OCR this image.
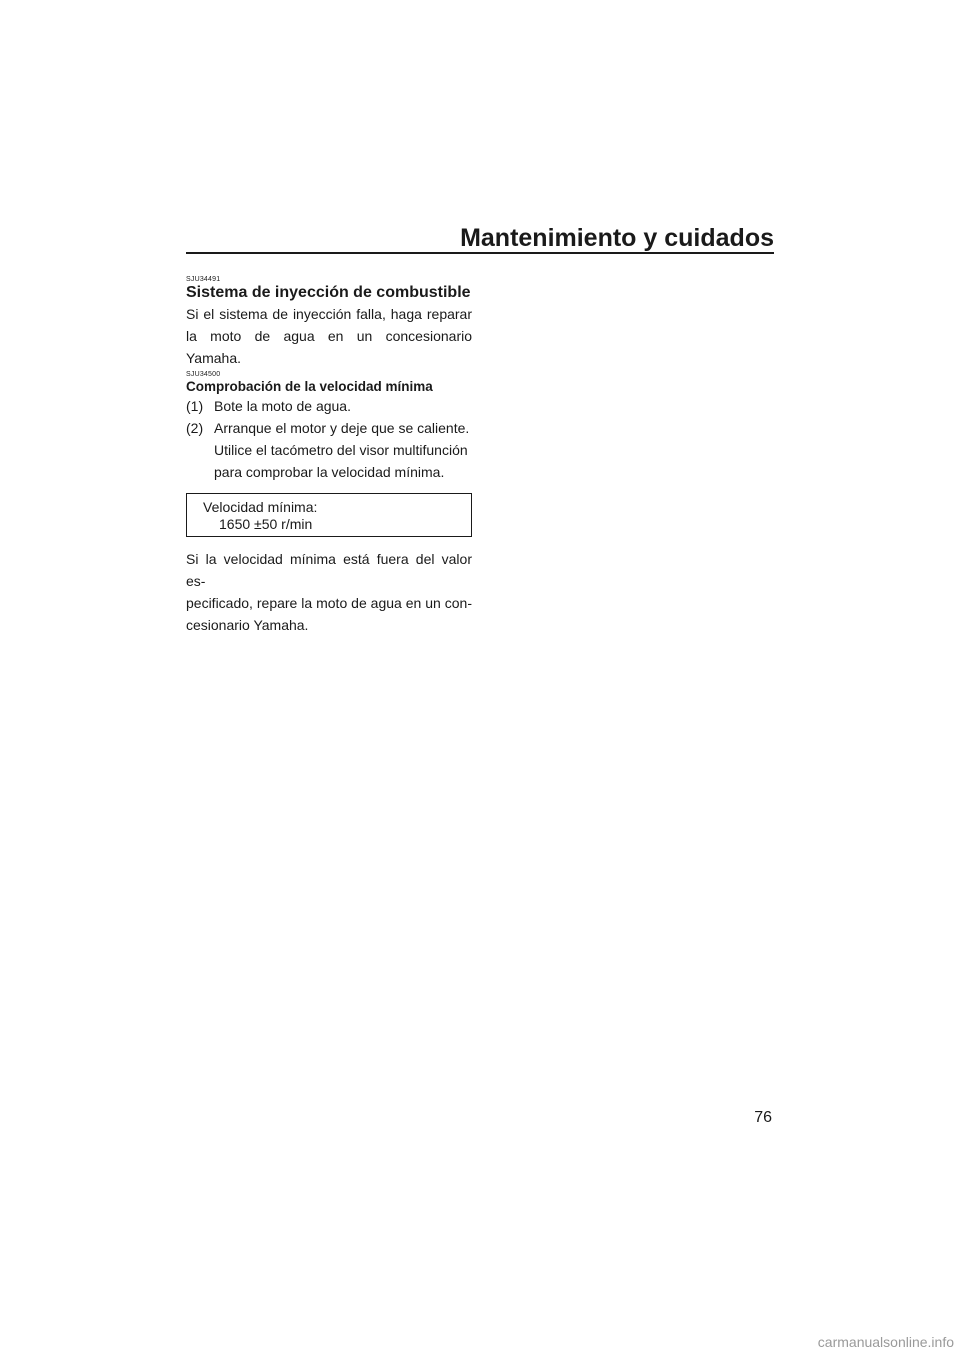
Mantenimiento y cuidados
SJU34491
Sistema de inyección de combustible

Si el sistema de inyección falla, haga reparar

la moto de agua en un concesionario

Yamaha.

SJU34500
Comprobación de la velocidad mínima
(1) Bote la moto de agua.
(2) Arranque el motor y deje que se caliente.
Utilice el tacómetro del visor multifunción
para comprobar la velocidad mínima.
Velocidad mínima:
1650 ±50 r/min

Si la velocidad mínima está fuera del valor es-

pecificado, repare la moto de agua en un con-

cesionario Yamaha.

76
carmanualsonline.info
